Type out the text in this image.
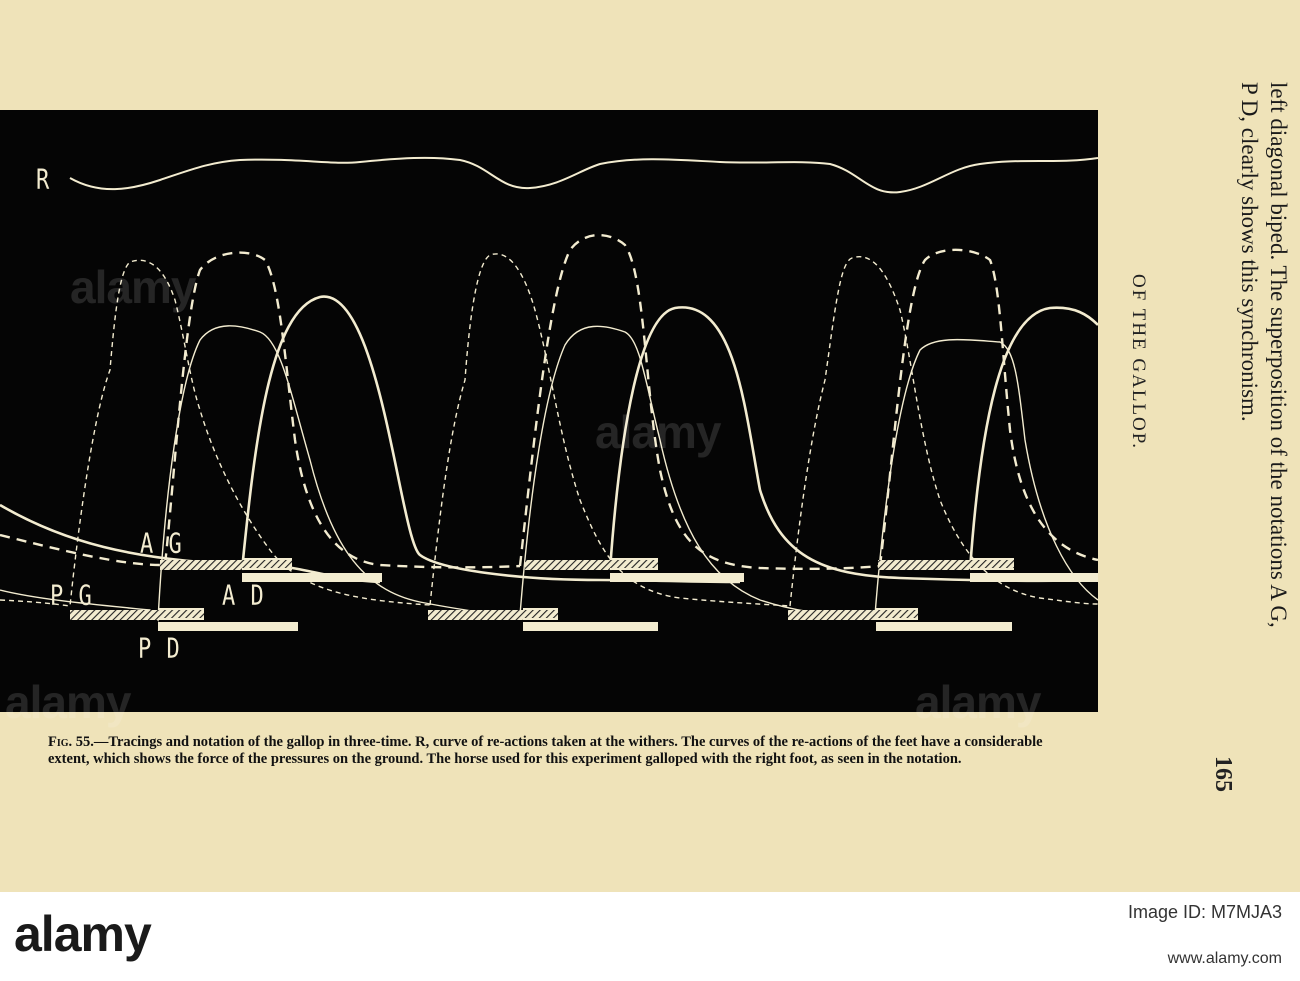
R
A G
P G	A D
P D
alamy
alamy
alamy
alamy
Fig. 55.—Tracings and notation of the gallop in three-time. R, curve of re-actions taken at the withers. The curves of the re-actions of the feet have a considerable extent, which shows the force of the pressures on the ground. The horse used for this experiment galloped with the right foot, as seen in the notation.
left diagonal biped. The superposition of the notations A G,
P D, clearly shows this synchronism.
OF THE GALLOP.
165
alamy	Image ID: M7MJA3
www.alamy.com
